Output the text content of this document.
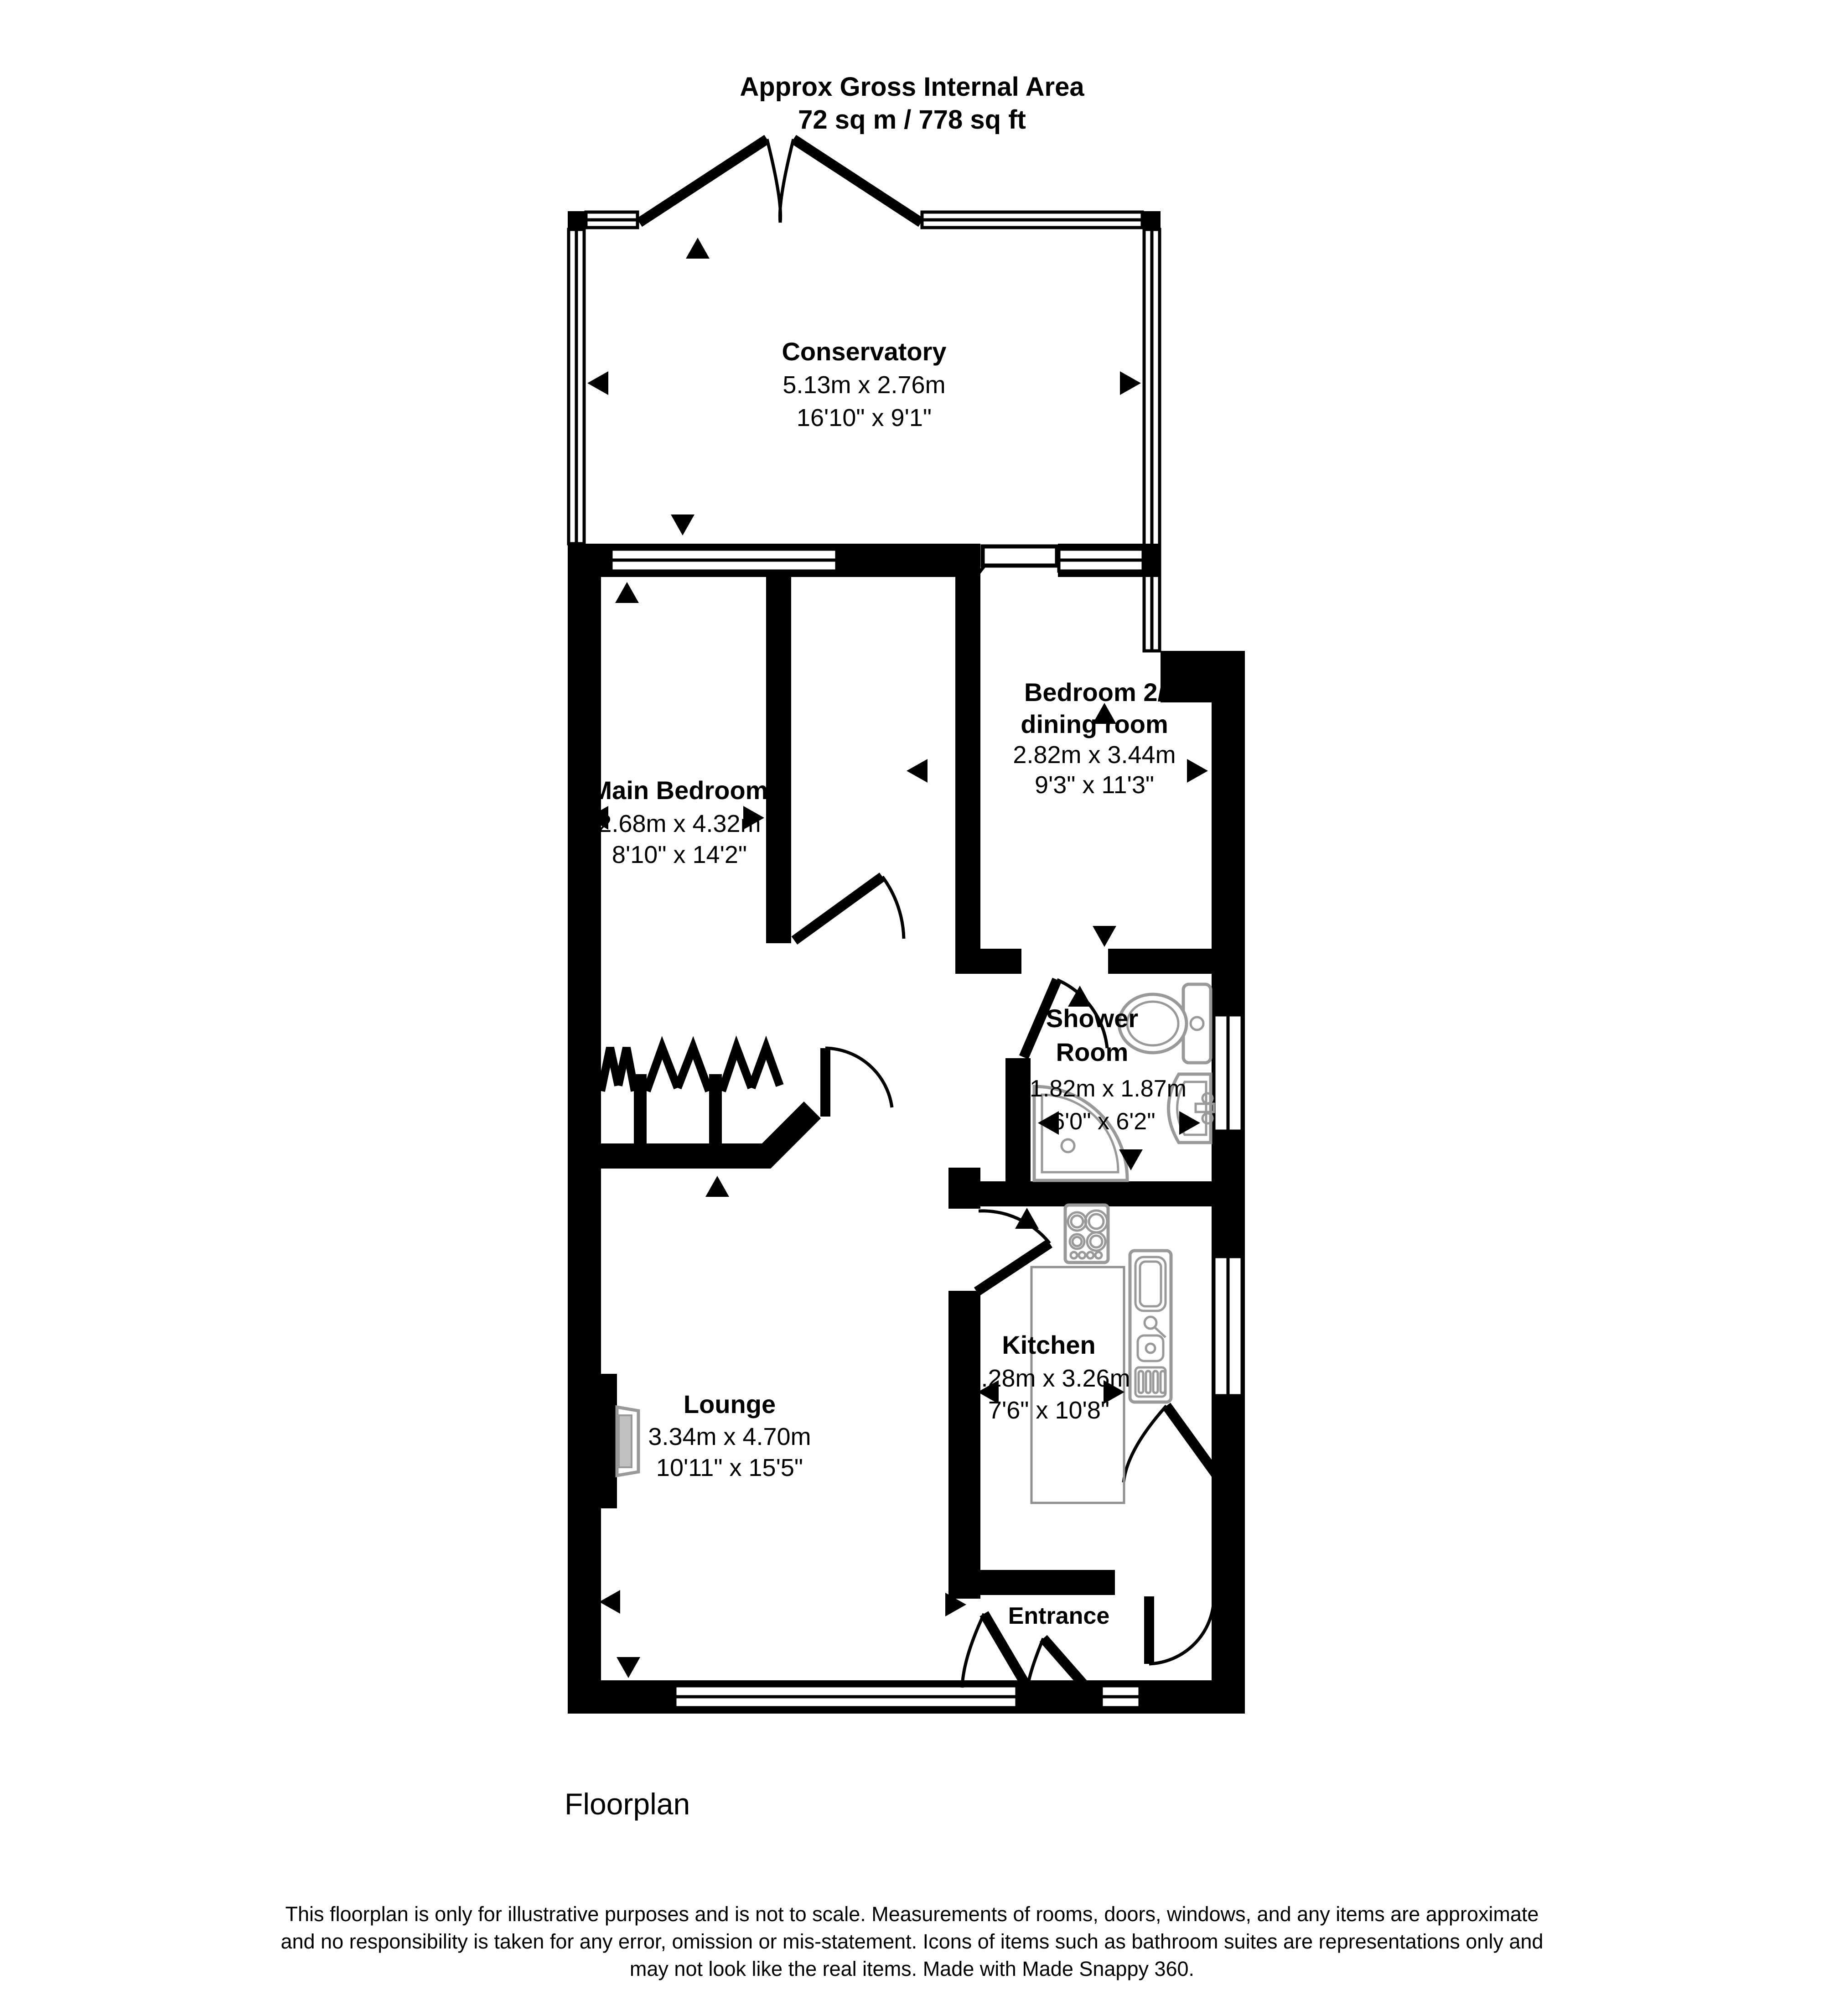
Approx Gross Internal Area
72 sq m / 778 sq ft
Conservatory
5.13m x 2.76m
16'10" x 9'1"
Main Bedroom
2.68m x 4.32m
8'10" x 14'2"
Bedroom 2/
dining room
2.82m x 3.44m
9'3" x 11'3"
Shower
Room
1.82m x 1.87m
6'0" x 6'2"
Kitchen
2.28m x 3.26m
7'6" x 10'8"
Lounge
3.34m x 4.70m
10'11" x 15'5"
Entrance
Floorplan
This floorplan is only for illustrative purposes and is not to scale. Measurements of rooms, doors, windows, and any items are approximate
and no responsibility is taken for any error, omission or mis-statement. Icons of items such as bathroom suites are representations only and
may not look like the real items. Made with Made Snappy 360.
